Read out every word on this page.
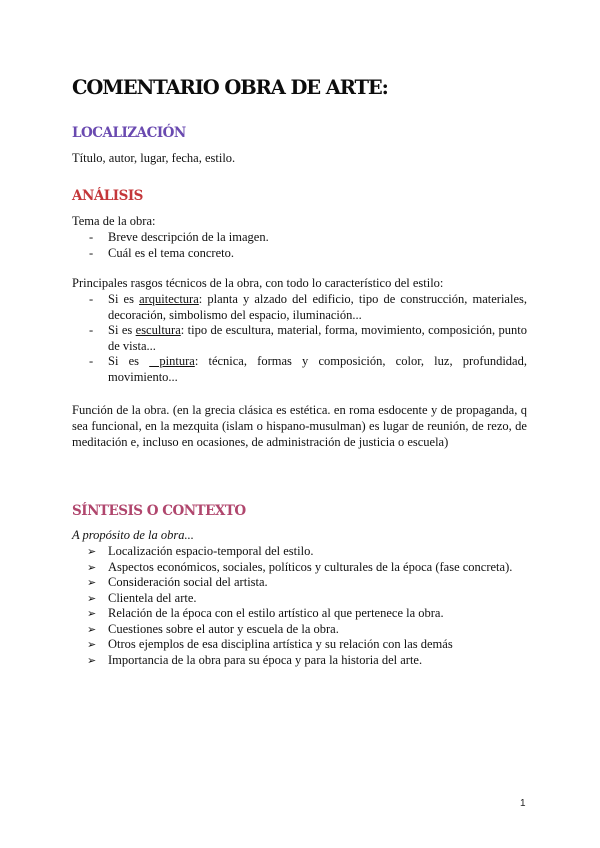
COMENTARIO OBRA DE ARTE:
LOCALIZACIÓN

Título, autor, lugar, fecha, estilo.

ANÁLISIS

Tema de la obra:

- Breve descripción de la imagen.
- Cuál es el tema concreto.

Principales rasgos técnicos de la obra, con todo lo característico del estilo:

- Si es arquitectura: planta y alzado del edificio, tipo de construcción, materiales, decoración, simbolismo del espacio, iluminación...
- Si es escultura: tipo de escultura, material, forma, movimiento, composición, punto de vista...
- Si es  pintura: técnica, formas y composición, color, luz, profundidad, movimiento...

Función de la obra. (en la grecia clásica es estética. en roma esdocente y de propaganda, q sea funcional, en la mezquita (islam o hispano-musulman) es lugar de reunión, de rezo, de meditación e, incluso en ocasiones, de administración de justicia o escuela)

SÍNTESIS O CONTEXTO

A propósito de la obra...

➢ Localización espacio-temporal del estilo.
➢ Aspectos económicos, sociales, políticos y culturales de la época (fase concreta).
➢ Consideración social del artista.
➢ Clientela del arte.
➢ Relación de la época con el estilo artístico al que pertenece la obra.
➢ Cuestiones sobre el autor y escuela de la obra.
➢ Otros ejemplos de esa disciplina artística y su relación con las demás
➢ Importancia de la obra para su época y para la historia del arte.
1
